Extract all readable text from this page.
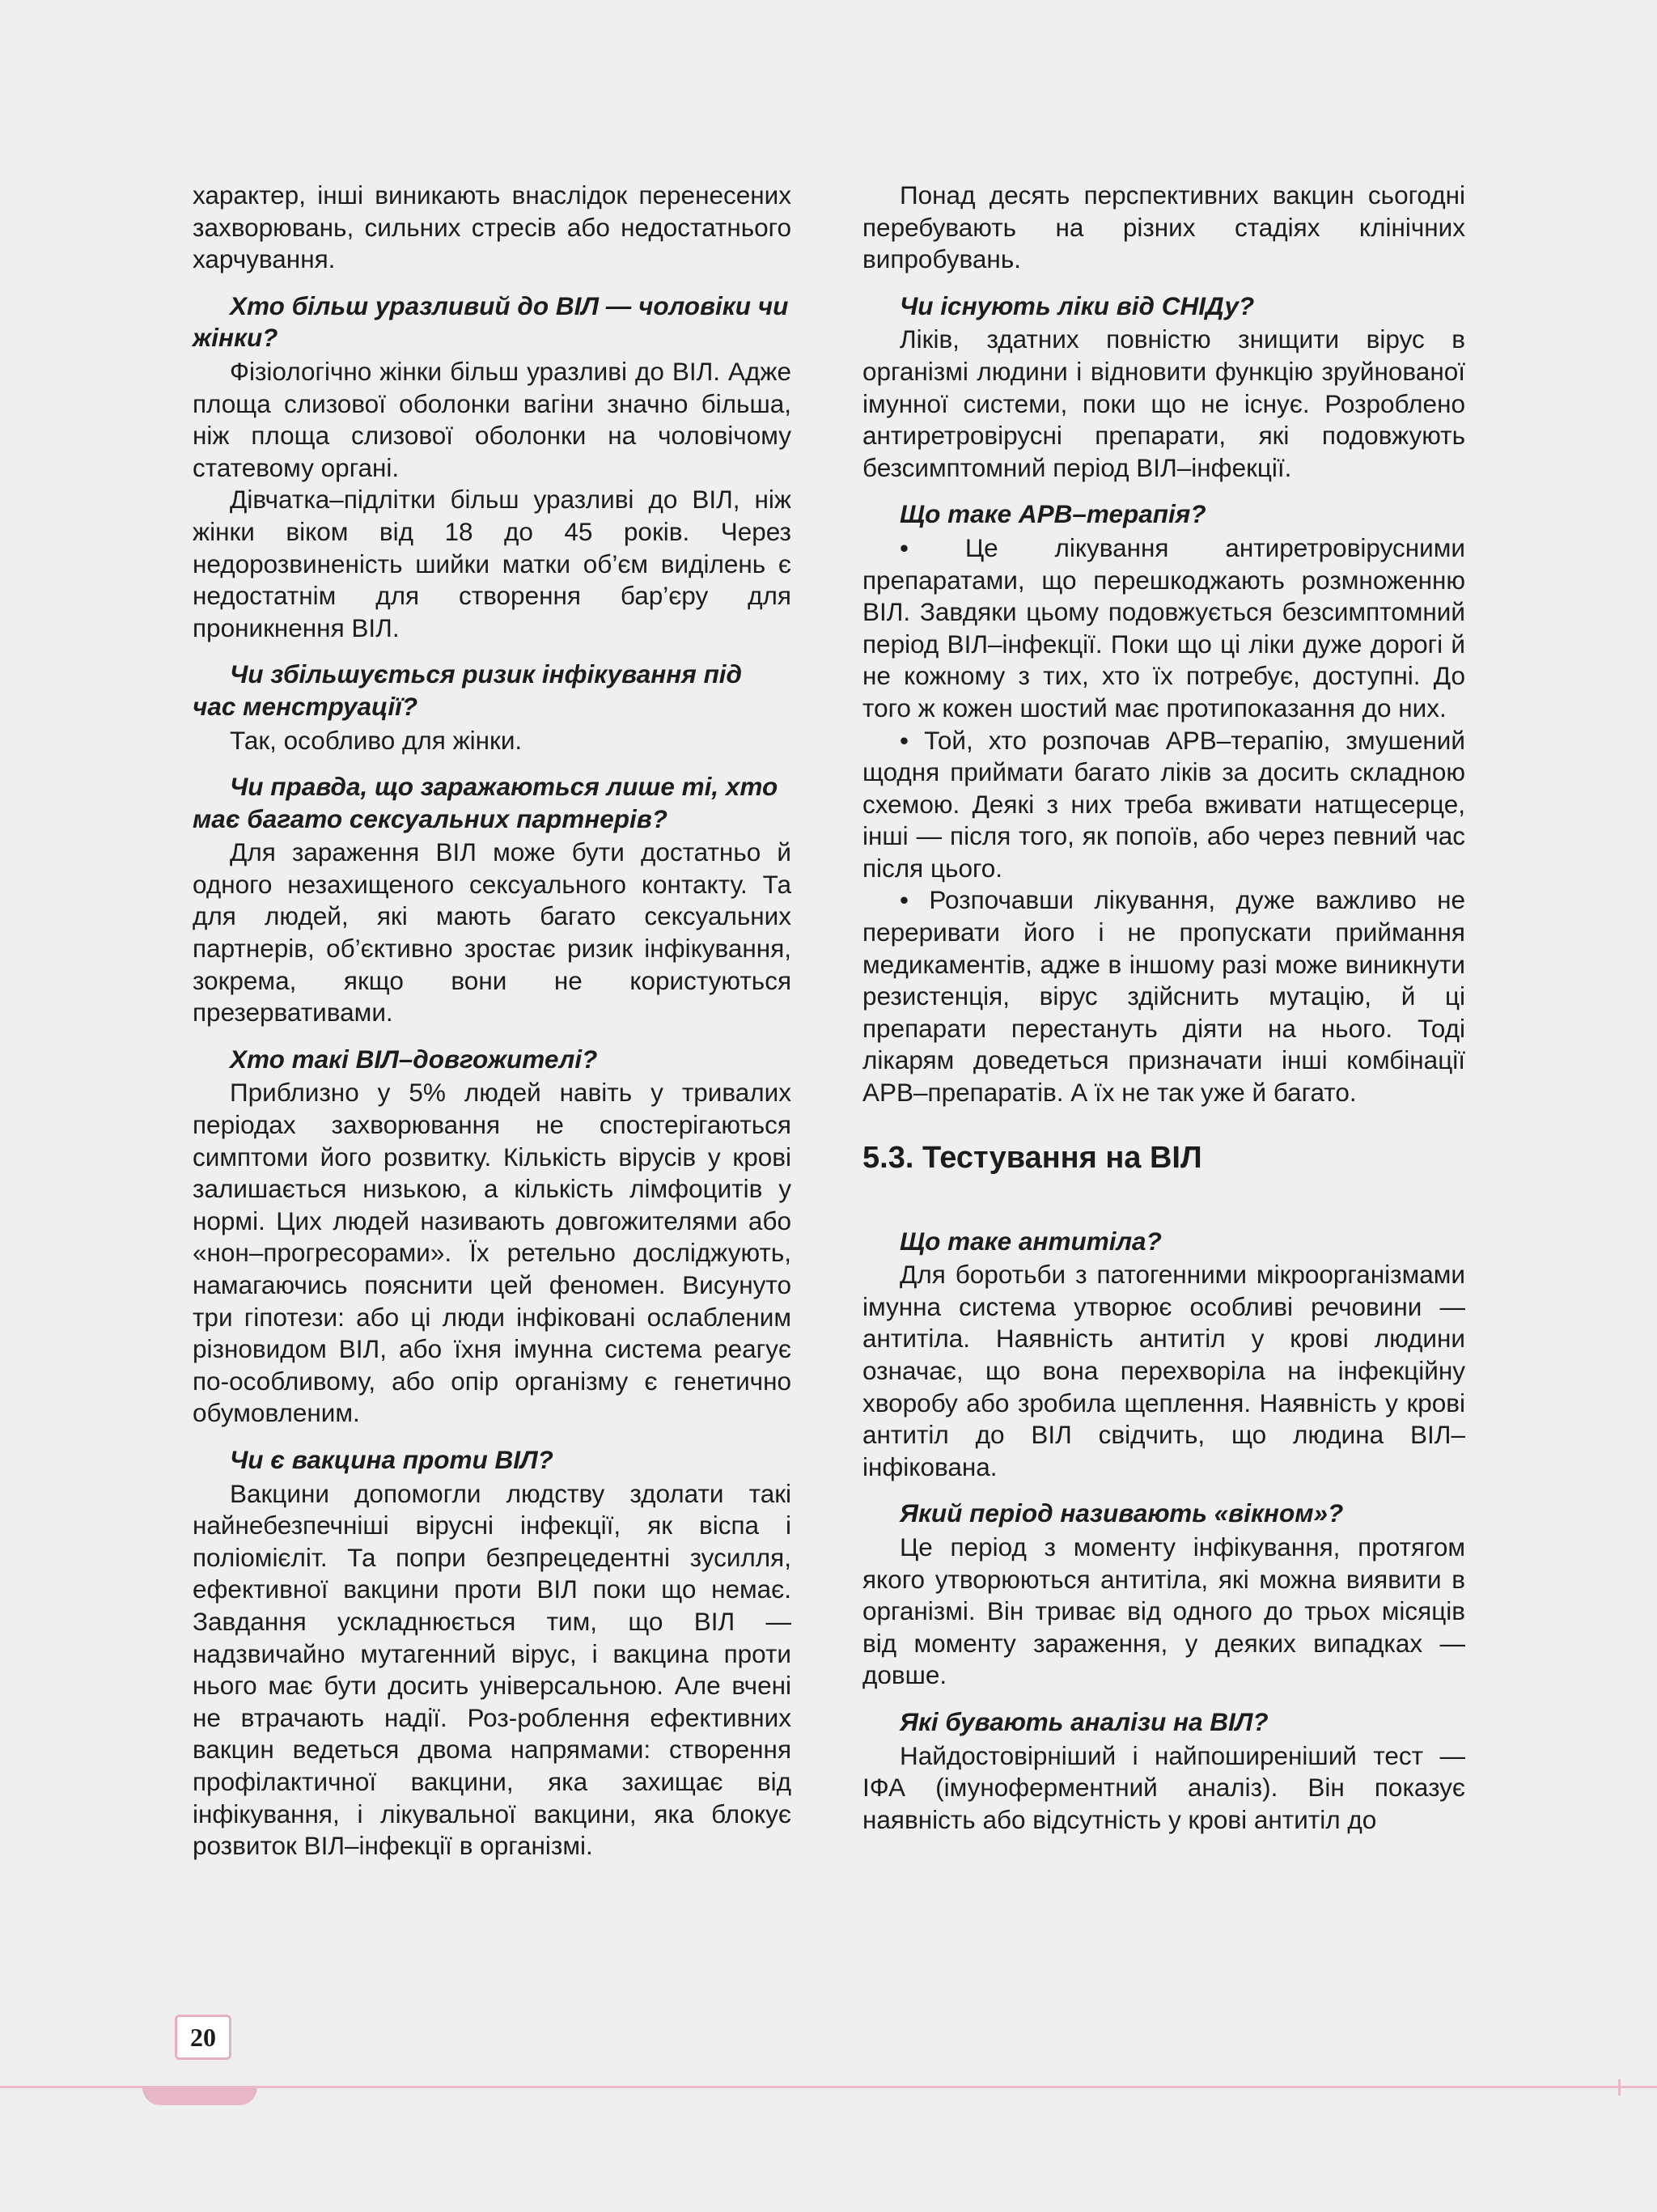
характер, інші виникають внаслідок перенесених захворювань, сильних стресів або недостатнього харчування.

Хто більш уразливий до ВІЛ — чоловіки чи жінки?

Фізіологічно жінки більш уразливі до ВІЛ. Адже площа слизової оболонки вагіни значно більша, ніж площа слизової оболонки на чоловічому статевому органі.

Дівчатка–підлітки більш уразливі до ВІЛ, ніж жінки віком від 18 до 45 років. Через недорозвиненість шийки матки об’єм виділень є недостатнім для створення бар’єру для проникнення ВІЛ.

Чи збільшується ризик інфікування під час менструації?

Так, особливо для жінки.

Чи правда, що заражаються лише ті, хто має багато сексуальних партнерів?

Для зараження ВІЛ може бути достатньо й одного незахищеного сексуального контакту. Та для людей, які мають багато сексуальних партнерів, об’єктивно зростає ризик інфікування, зокрема, якщо вони не користуються презервативами.

Хто такі ВІЛ–довгожителі?

Приблизно у 5% людей навіть у тривалих періодах захворювання не спостерігаються симптоми його розвитку. Кількість вірусів у крові залишається низькою, а кількість лімфоцитів у нормі. Цих людей називають довгожителями або «нон–прогресорами». Їх ретельно досліджують, намагаючись пояснити цей феномен. Висунуто три гіпотези: або ці люди інфіковані ослабленим різновидом ВІЛ, або їхня імунна система реагує по-особливому, або опір організму є генетично обумовленим.

Чи є вакцина проти ВІЛ?

Вакцини допомогли людству здолати такі найнебезпечніші вірусні інфекції, як віспа і поліомієліт. Та попри безпрецедентні зусилля, ефективної вакцини проти ВІЛ поки що немає. Завдання ускладнюється тим, що ВІЛ — надзвичайно мутагенний вірус, і вакцина проти нього має бути досить універсальною. Але вчені не втрачають надії. Роз-роблення ефективних вакцин ведеться двома напрямами: створення профілактичної вакцини, яка захищає від інфікування, і лікувальної вакцини, яка блокує розвиток ВІЛ–інфекції в організмі.

Понад десять перспективних вакцин сьогодні перебувають на різних стадіях клінічних випробувань.

Чи існують ліки від СНІДу?

Ліків, здатних повністю знищити вірус в організмі людини і відновити функцію зруйнованої імунної системи, поки що не існує. Розроблено антиретровірусні препарати, які подовжують безсимптомний період ВІЛ–інфекції.

Що таке АРВ–терапія?

• Це лікування антиретровірусними препаратами, що перешкоджають розмноженню ВІЛ. Завдяки цьому подовжується безсимптомний період ВІЛ–інфекції. Поки що ці ліки дуже дорогі й не кожному з тих, хто їх потребує, доступні. До того ж кожен шостий має протипоказання до них.

• Той, хто розпочав АРВ–терапію, змушений щодня приймати багато ліків за досить складною схемою. Деякі з них треба вживати натщесерце, інші — після того, як попоїв, або через певний час після цього.

• Розпочавши лікування, дуже важливо не переривати його і не пропускати приймання медикаментів, адже в іншому разі може виникнути резистенція, вірус здійснить мутацію, й ці препарати перестануть діяти на нього. Тоді лікарям доведеться призначати інші комбінації АРВ–препаратів. А їх не так уже й багато.

5.3. Тестування на ВІЛ
Що таке антитіла?

Для боротьби з патогенними мікроорганізмами імунна система утворює особливі речовини — антитіла. Наявність антитіл у крові людини означає, що вона перехворіла на інфекційну хворобу або зробила щеплення. Наявність у крові антитіл до ВІЛ свідчить, що людина ВІЛ–інфікована.

Який період називають «вікном»?

Це період з моменту інфікування, протягом якого утворюються антитіла, які можна виявити в організмі. Він триває від одного до трьох місяців від моменту зараження, у деяких випадках — довше.

Які бувають аналізи на ВІЛ?

Найдостовірніший і найпоширеніший тест — ІФА (імуноферментний аналіз). Він показує наявність або відсутність у крові антитіл до

20
